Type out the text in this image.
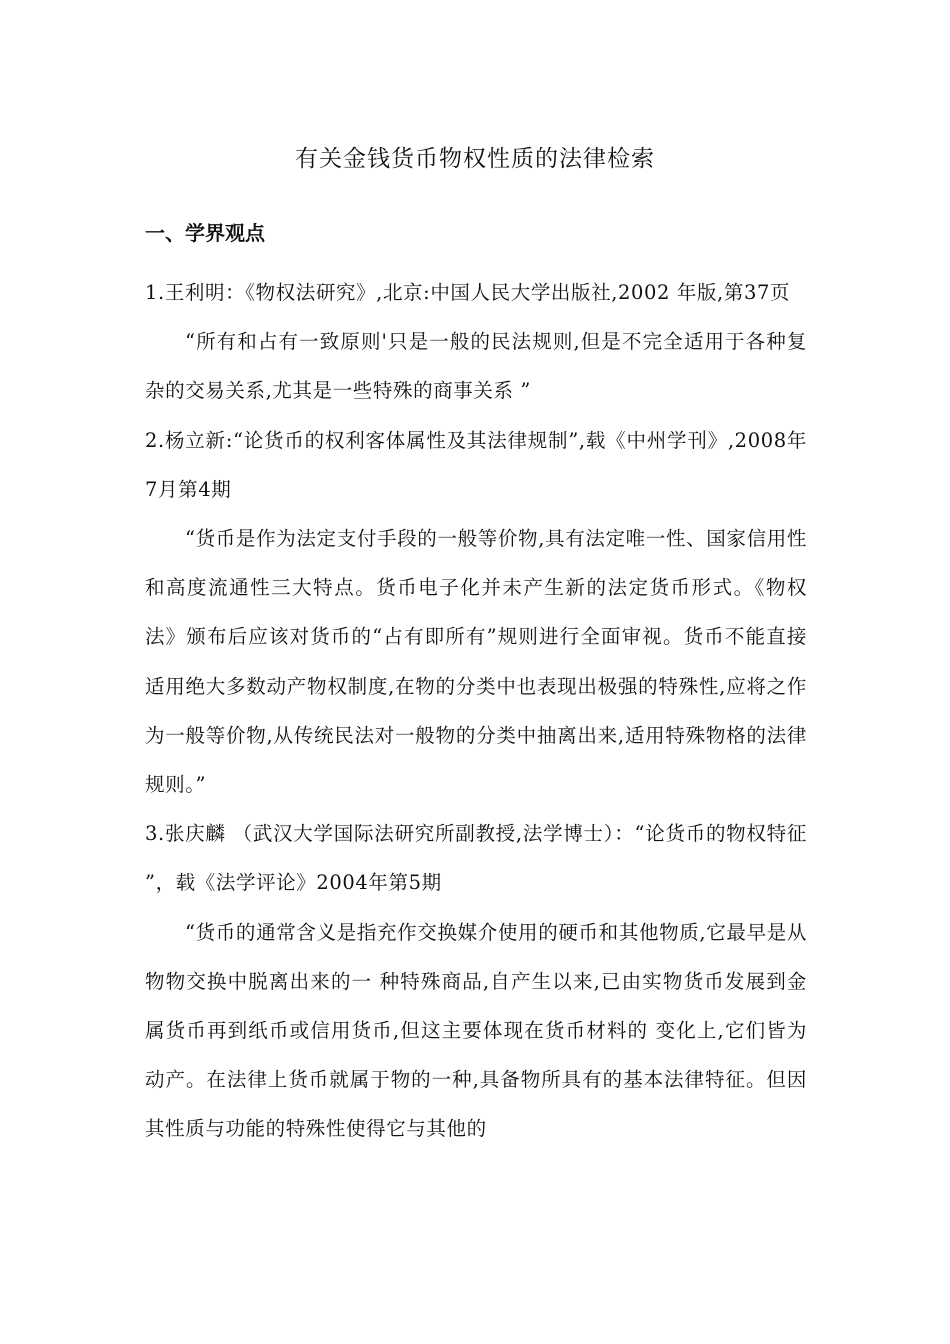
有关金钱货币物权性质的法律检索
一、学界观点

1.王利明：《物权法研究》,北京:中国人民大学出版社,2002 年版,第37页

“所有和占有一致原则'只是一般的民法规则,但是不完全适用于各种复杂的交易关系,尤其是一些特殊的商事关系 ”

2.杨立新:“论货币的权利客体属性及其法律规制”,载《中州学刊》,2008年7月第4期

“货币是作为法定支付手段的一般等价物,具有法定唯一性、国家信用性和高度流通性三大特点。货币电子化并未产生新的法定货币形式。《物权法》颁布后应该对货币的“占有即所有”规则进行全面审视。货币不能直接 适用绝大多数动产物权制度,在物的分类中也表现出极强的特殊性,应将之作为一般等价物,从传统民法对一般物的分类中抽离出来,适用特殊物格的法律规则。”

3.张庆麟 （武汉大学国际法研究所副教授,法学博士）：“论货币的物权特征 ”，载《法学评论》2004年第5期

“货币的通常含义是指充作交换媒介使用的硬币和其他物质,它最早是从物物交换中脱离出来的一 种特殊商品,自产生以来,已由实物货币发展到金属货币再到纸币或信用货币,但这主要体现在货币材料的 变化上,它们皆为动产。在法律上货币就属于物的一种,具备物所具有的基本法律特征。但因其性质与功能的特殊性使得它与其他的
